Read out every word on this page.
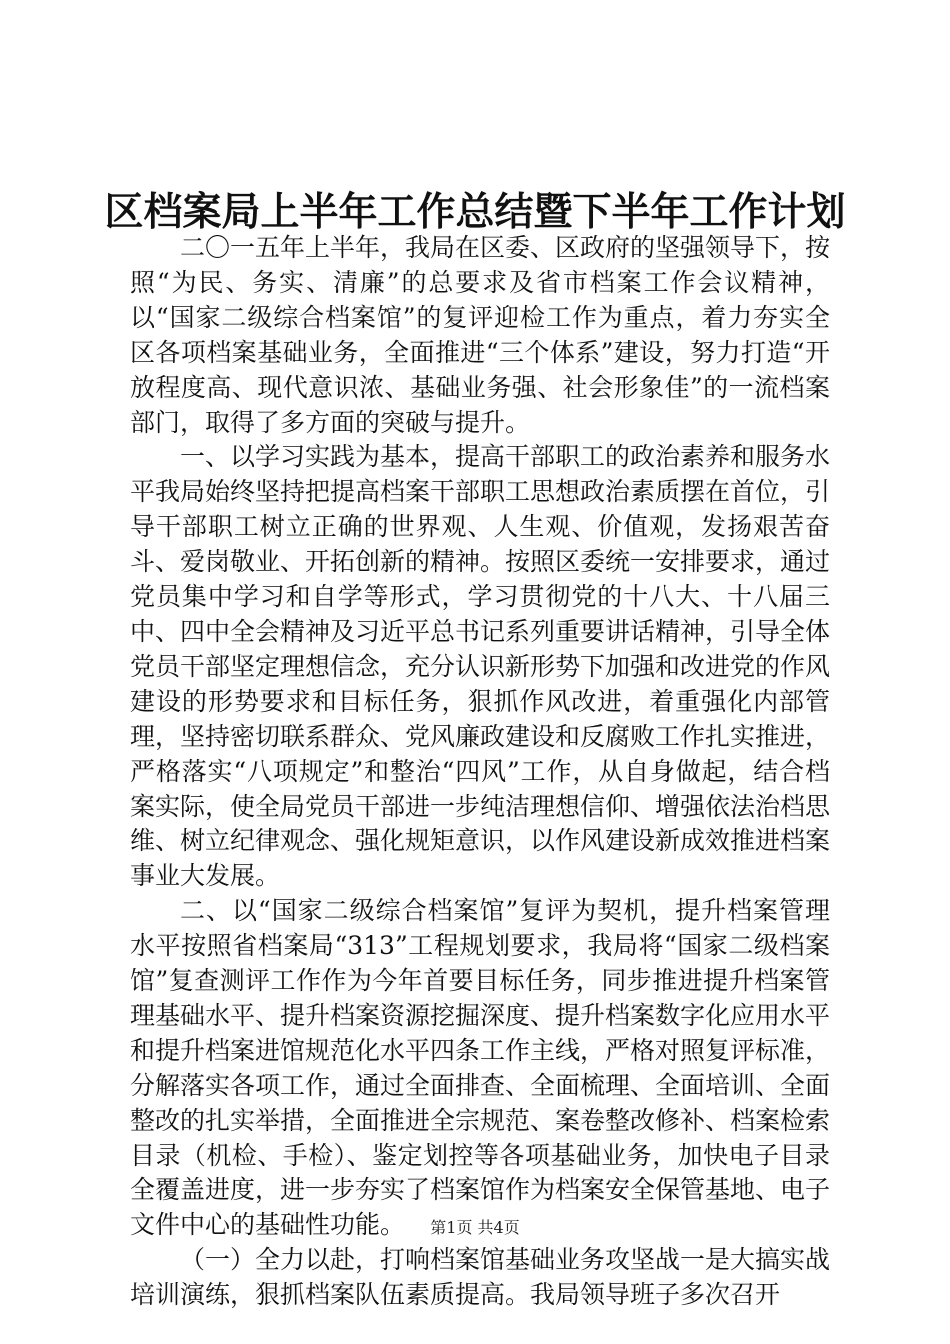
区档案局上半年工作总结暨下半年工作计划

二〇一五年上半年，我局在区委、区政府的坚强领导下，按照“为民、务实、清廉”的总要求及省市档案工作会议精神，以“国家二级综合档案馆”的复评迎检工作为重点，着力夯实全区各项档案基础业务，全面推进“三个体系”建设，努力打造“开放程度高、现代意识浓、基础业务强、社会形象佳”的一流档案部门，取得了多方面的突破与提升。

一、以学习实践为基本，提高干部职工的政治素养和服务水平我局始终坚持把提高档案干部职工思想政治素质摆在首位，引导干部职工树立正确的世界观、人生观、价值观，发扬艰苦奋斗、爱岗敬业、开拓创新的精神。按照区委统一安排要求，通过党员集中学习和自学等形式，学习贯彻党的十八大、十八届三中、四中全会精神及习近平总书记系列重要讲话精神，引导全体党员干部坚定理想信念，充分认识新形势下加强和改进党的作风建设的形势要求和目标任务，狠抓作风改进，着重强化内部管理，坚持密切联系群众、党风廉政建设和反腐败工作扎实推进，严格落实“八项规定”和整治“四风”工作，从自身做起，结合档案实际，使全局党员干部进一步纯洁理想信仰、增强依法治档思维、树立纪律观念、强化规矩意识，以作风建设新成效推进档案事业大发展。

二、以“国家二级综合档案馆”复评为契机，提升档案管理水平按照省档案局“313”工程规划要求，我局将“国家二级档案馆”复查测评工作作为今年首要目标任务，同步推进提升档案管理基础水平、提升档案资源挖掘深度、提升档案数字化应用水平和提升档案进馆规范化水平四条工作主线，严格对照复评标准，分解落实各项工作，通过全面排查、全面梳理、全面培训、全面整改的扎实举措，全面推进全宗规范、案卷整改修补、档案检索目录（机检、手检）、鉴定划控等各项基础业务，加快电子目录全覆盖进度，进一步夯实了档案馆作为档案安全保管基地、电子文件中心的基础性功能。

（一）全力以赴，打响档案馆基础业务攻坚战一是大搞实战培训演练，狠抓档案队伍素质提高。我局领导班子多次召开

第1页 共4页
